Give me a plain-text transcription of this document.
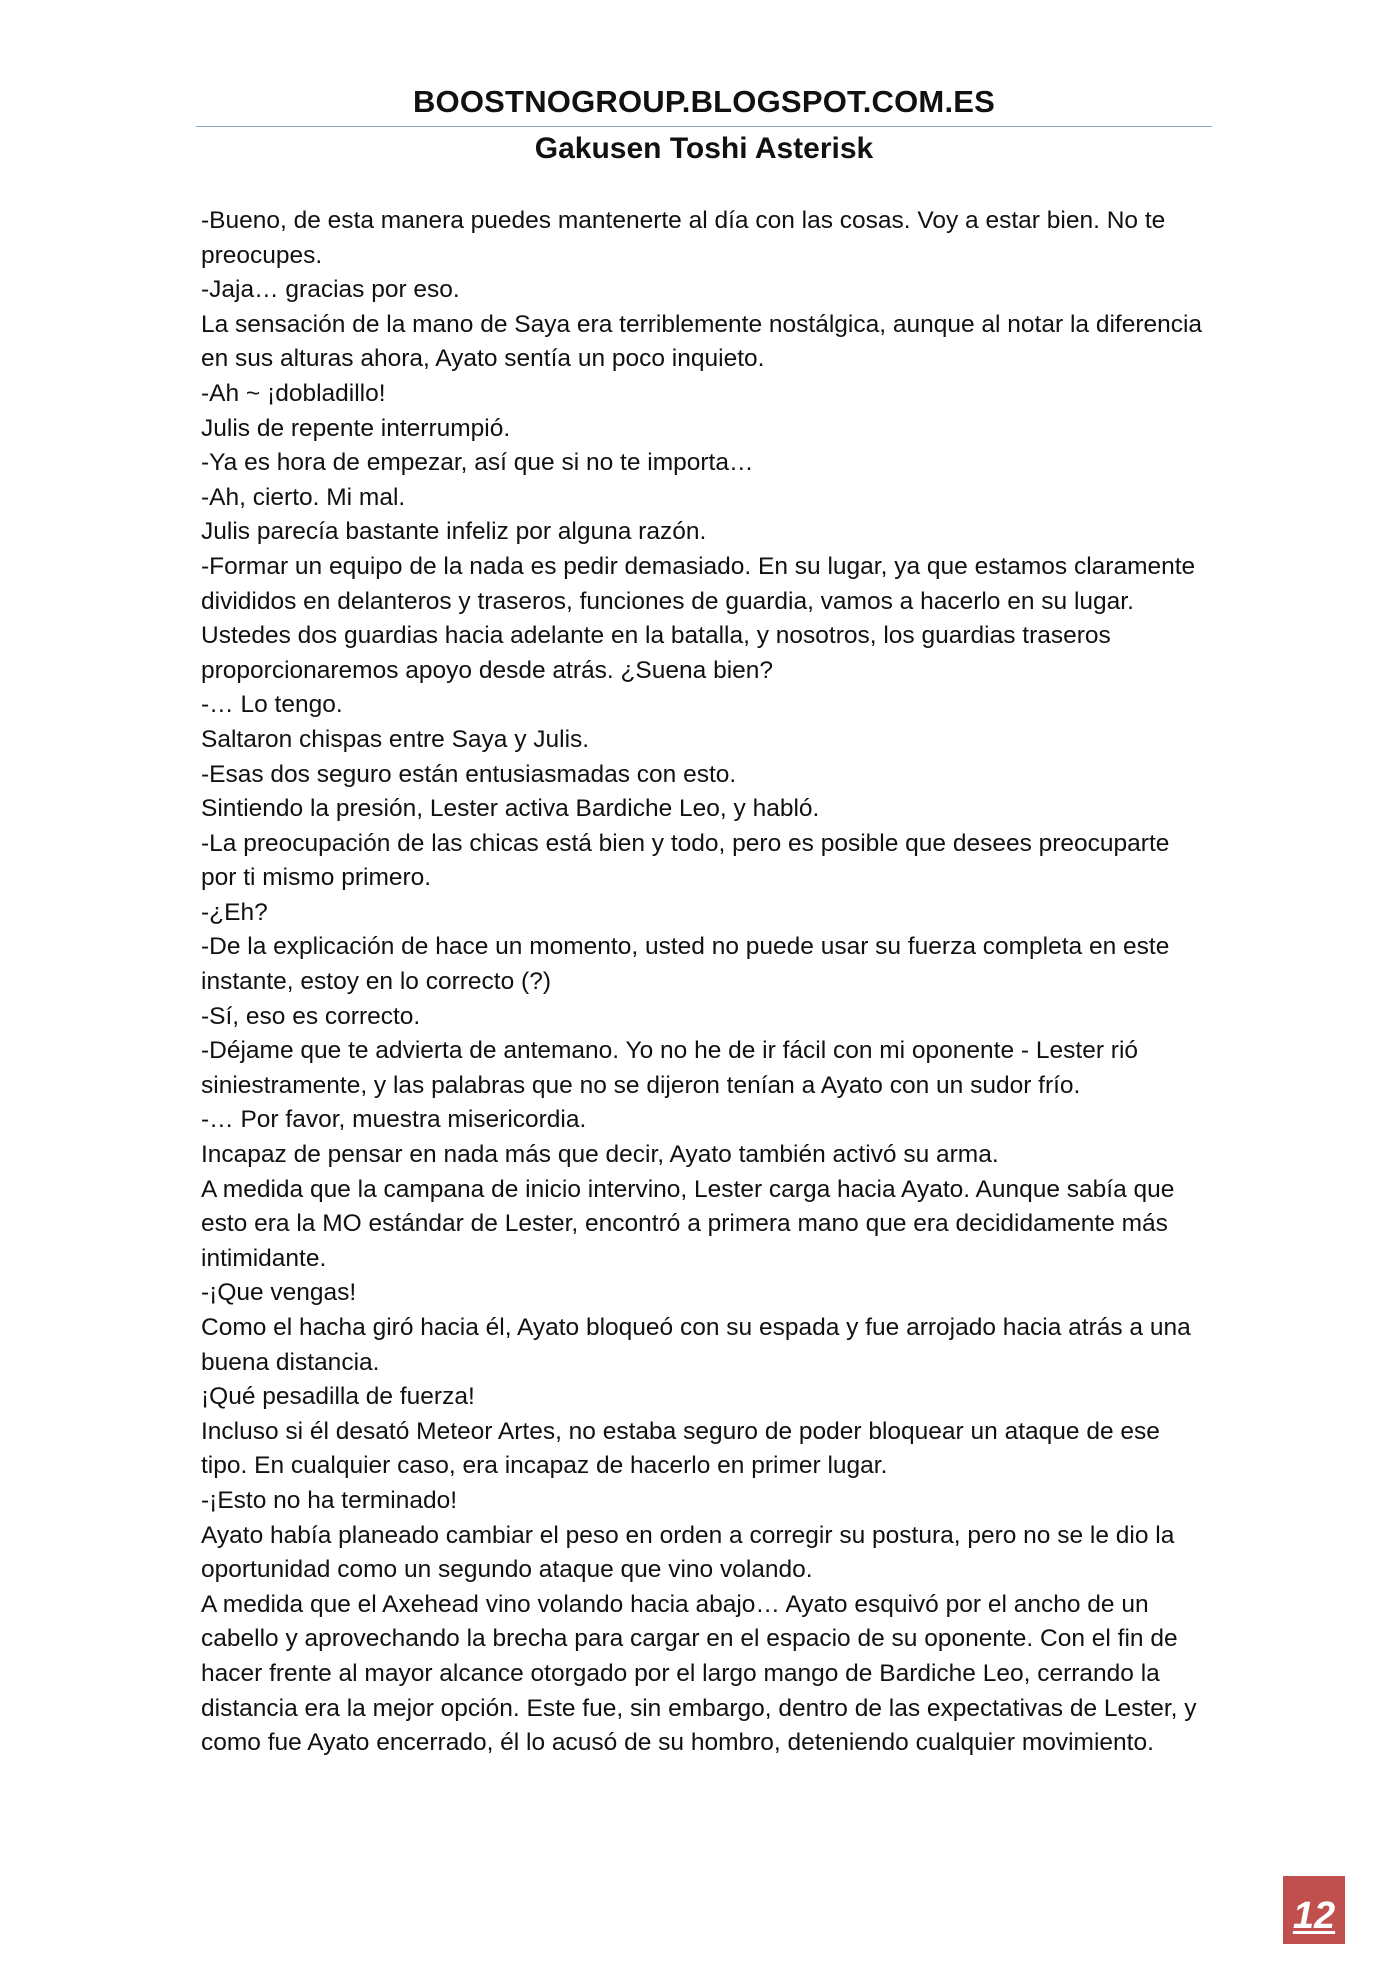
BOOSTNOGROUP.BLOGSPOT.COM.ES
Gakusen Toshi Asterisk

-Bueno, de esta manera puedes mantenerte al día con las cosas. Voy a estar bien. No te preocupes.

-Jaja… gracias por eso.

La sensación de la mano de Saya era terriblemente nostálgica, aunque al notar la diferencia en sus alturas ahora, Ayato sentía un poco inquieto.

-Ah ~ ¡dobladillo!

Julis de repente interrumpió.

-Ya es hora de empezar, así que si no te importa…

-Ah, cierto. Mi mal.

Julis parecía bastante infeliz por alguna razón.

-Formar un equipo de la nada es pedir demasiado. En su lugar, ya que estamos claramente divididos en delanteros y traseros, funciones de guardia, vamos a hacerlo en su lugar. Ustedes dos guardias hacia adelante en la batalla, y nosotros, los guardias traseros proporcionaremos apoyo desde atrás. ¿Suena bien?

-… Lo tengo.

Saltaron chispas entre Saya y Julis.

-Esas dos seguro están entusiasmadas con esto.

Sintiendo la presión, Lester activa Bardiche Leo, y habló.

-La preocupación de las chicas está bien y todo, pero es posible que desees preocuparte por ti mismo primero.

-¿Eh?

-De la explicación de hace un momento, usted no puede usar su fuerza completa en este instante, estoy en lo correcto (?)

-Sí, eso es correcto.

-Déjame que te advierta de antemano. Yo no he de ir fácil con mi oponente - Lester rió siniestramente, y las palabras que no se dijeron tenían a Ayato con un sudor frío.

-… Por favor, muestra misericordia.

Incapaz de pensar en nada más que decir, Ayato también activó su arma.

A medida que la campana de inicio intervino, Lester carga hacia Ayato. Aunque sabía que esto era la MO estándar de Lester, encontró a primera mano que era decididamente más intimidante.

-¡Que vengas!

Como el hacha giró hacia él, Ayato bloqueó con su espada y fue arrojado hacia atrás a una buena distancia.

¡Qué pesadilla de fuerza!

Incluso si él desató Meteor Artes, no estaba seguro de poder bloquear un ataque de ese tipo. En cualquier caso, era incapaz de hacerlo en primer lugar.

-¡Esto no ha terminado!

Ayato había planeado cambiar el peso en orden a corregir su postura, pero no se le dio la oportunidad como un segundo ataque que vino volando.

A medida que el Axehead vino volando hacia abajo… Ayato esquivó por el ancho de un cabello y aprovechando la brecha para cargar en el espacio de su oponente. Con el fin de hacer frente al mayor alcance otorgado por el largo mango de Bardiche Leo, cerrando la distancia era la mejor opción. Este fue, sin embargo, dentro de las expectativas de Lester, y como fue Ayato encerrado, él lo acusó de su hombro, deteniendo cualquier movimiento.

12
